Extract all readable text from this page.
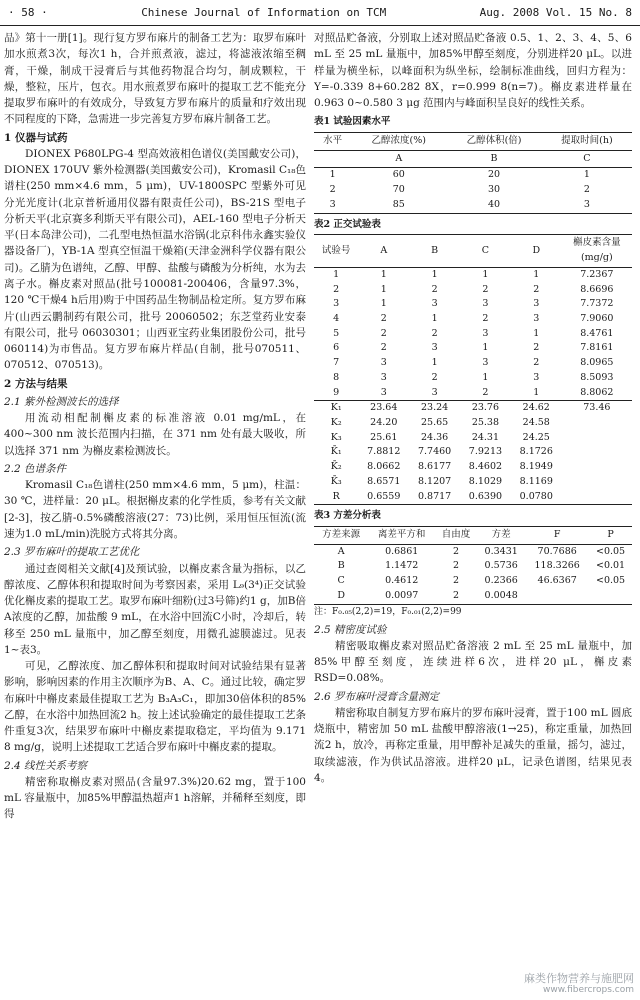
· 58 ·	Chinese Journal of Information on TCM	Aug. 2008 Vol. 15 No. 8

品》第十一册[1]。现行复方罗布麻片的制备工艺为：取罗布麻叶加水煎煮3次，每次1 h，合并煎煮液，滤过，将滤液浓缩至稠膏，干燥，制成干浸膏后与其他药物混合均匀，制成颗粒，干燥，整粒，压片，包衣。用水煎煮罗布麻叶的提取工艺不能充分提取罗布麻叶的有效成分，导致复方罗布麻片的质量和疗效出现不同程度的下降，急需进一步完善复方罗布麻片制备工艺。

1 仪器与试药

DIONEX P680LPG-4 型高效液相色谱仪(美国戴安公司)，DIONEX 170UV 紫外检测器(美国戴安公司)，Kromasil C₁₈色谱柱(250 mm×4.6 mm，5 μm)，UV-1800SPC 型紫外可见分光光度计(北京普析通用仪器有限责任公司)，BS-21S 型电子分析天平(北京赛多利斯天平有限公司)，AEL-160 型电子分析天平(日本岛津公司)，二孔型电热恒温水浴锅(北京科伟永鑫实验仪器设备厂)，YB-1A 型真空恒温干燥箱(天津金洲科学仪器有限公司)。乙腈为色谱纯，乙醇、甲醇、盐酸与磷酸为分析纯，水为去离子水。槲皮素对照品(批号100081-200406，含量97.3%，120 ℃干燥4 h后用)购于中国药品生物制品检定所。复方罗布麻片(山西云鹏制药有限公司，批号 20060502；东芝堂药业安泰有限公司，批号 06030301；山西亚宝药业集团股份公司，批号 060114)为市售品。复方罗布麻片样品(自制，批号070511、070512、070513)。

2 方法与结果

2.1 紫外检测波长的选择

用流动相配制槲皮素的标准溶液 0.01 mg/mL，在 400~300 nm 波长范围内扫描，在 371 nm 处有最大吸收，所以选择 371 nm 为槲皮素检测波长。

2.2 色谱条件

Kromasil C₁₈色谱柱(250 mm×4.6 mm，5 μm)，柱温：30 ℃，进样量：20 μL。根据槲皮素的化学性质，参考有关文献[2-3]，按乙腈-0.5%磷酸溶液(27：73)比例，采用恒压恒流(流速为1.0 mL/min)洗脱方式将其分离。

2.3 罗布麻叶的提取工艺优化

通过查阅相关文献[4]及预试验，以槲皮素含量为指标，以乙醇浓度、乙醇体积和提取时间为考察因素，采用 L₉(3⁴)正交试验优化槲皮素的提取工艺。取罗布麻叶细粉(过3号筛)约1 g，加B倍A浓度的乙醇，加盐酸 9 mL，在水浴中回流C小时，冷却后，转移至 250 mL 量瓶中，加乙醇至刻度，用微孔滤膜滤过。见表1~表3。

可见，乙醇浓度、加乙醇体积和提取时间对试验结果有显著影响，影响因素的作用主次顺序为B、A、C。通过比较，确定罗布麻叶中槲皮素最佳提取工艺为 B₃A₃C₁，即加30倍体积的85%乙醇，在水浴中加热回流2 h。按上述试验确定的最佳提取工艺条件重复3次，结果罗布麻叶中槲皮素提取稳定，平均值为 9.171 8 mg/g，说明上述提取工艺适合罗布麻叶中槲皮素的提取。

2.4 线性关系考察

精密称取槲皮素对照品(含量97.3%)20.62 mg，置于100 mL 容量瓶中，加85%甲醇温热超声1 h溶解，并稀释至刻度，即得

对照品贮备液，分别取上述对照品贮备液 0.5、1、2、3、4、5、6 mL 至 25 mL 量瓶中，加85%甲醇至刻度，分别进样20 μL。以进样量为横坐标，以峰面积为纵坐标，绘制标准曲线，回归方程为：Y=-0.339 8+60.282 8X，r=0.999 8(n=7)。槲皮素进样量在 0.963 0~0.580 3 μg 范围内与峰面积呈良好的线性关系。

表1 试验因素水平
水平	乙醇浓度(%)	乙醇体积(倍)	提取时间(h)
	A	B	C
1	60	20	1
2	70	30	2
3	85	40	3
表2 正交试验表
试验号	A	B	C	D	槲皮素含量
(mg/g)
1	1	1	1	1	7.2367
2	1	2	2	2	8.6696
3	1	3	3	3	7.7372
4	2	1	2	3	7.9060
5	2	2	3	1	8.4761
6	2	3	1	2	7.8161
7	3	1	3	2	8.0965
8	3	2	1	3	8.5093
9	3	3	2	1	8.8062
K₁	23.64	23.24	23.76	24.62	73.46
K₂	24.20	25.65	25.38	24.58	
K₃	25.61	24.36	24.31	24.25	
K̄₁	7.8812	7.7460	7.9213	8.1726	
K̄₂	8.0662	8.6177	8.4602	8.1949	
K̄₃	8.6571	8.1207	8.1029	8.1169	
R	0.6559	0.8717	0.6390	0.0780	
表3 方差分析表
方差来源	离差平方和	自由度	方差	F	P
A	0.6861	2	0.3431	70.7686	<0.05
B	1.1472	2	0.5736	118.3266	<0.01
C	0.4612	2	0.2366	46.6367	<0.05
D	0.0097	2	0.0048		
注：F₀.₀₅(2,2)=19，F₀.₀₁(2,2)=99

2.5 精密度试验

精密吸取槲皮素对照品贮备溶液 2 mL 至 25 mL 量瓶中，加85%甲醇至刻度，连续进样6次，进样20 μL，槲皮素 RSD=0.08%。

2.6 罗布麻叶浸膏含量测定

精密称取自制复方罗布麻片的罗布麻叶浸膏，置于100 mL 圆底烧瓶中，精密加 50 mL 盐酸甲醇溶液(1→25)，称定重量，加热回流2 h，放冷，再称定重量，用甲醇补足减失的重量，摇匀，滤过，取续滤液，作为供试品溶液。进样20 μL，记录色谱图，结果见表4。

麻类作物营养与施肥网
www.fibercrops.com
